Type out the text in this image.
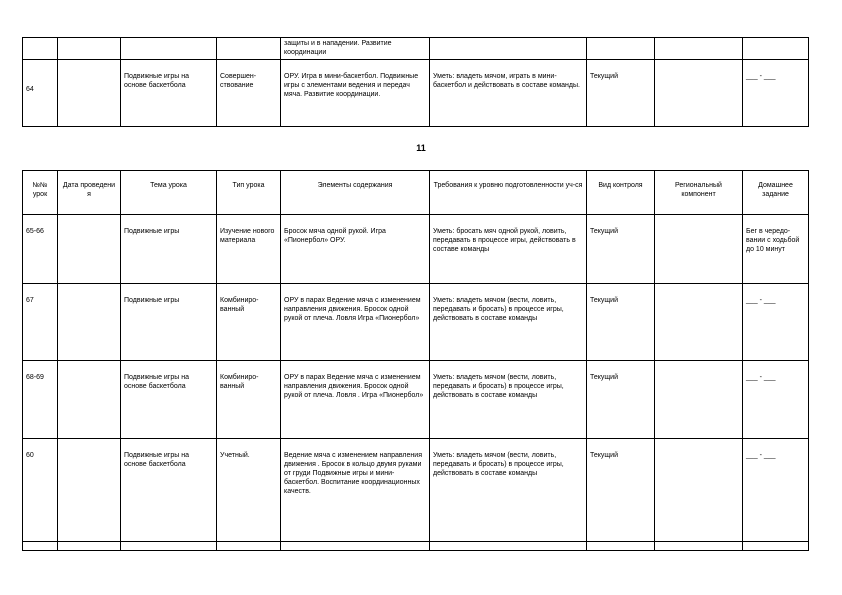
				защиты и в нападении. Развитие координации				
64		Подвижные игры на основе баскетбола	Совершен-ствование	ОРУ. Игра в мини-баскетбол. Подвижные игры с элементами ведения и передач мяча. Развитие координации.	Уметь: владеть мячом, играть в мини-баскетбол и действовать в составе команды.	Текущий		___ - ___
11
№№ урок	Дата проведени я	Тема урока	Тип урока	Элементы содержания	Требования к уровню подготовленности уч-ся	Вид контроля	Региональный компонент	Домашнее задание
65-66		Подвижные игры	Изучение нового материала	Бросок мяча одной рукой. Игра «Пионербол» ОРУ.	Уметь: бросать мяч одной рукой, ловить, передавать в процессе игры, действовать в составе команды	Текущий		Бег в чередо-вании с ходьбой до 10 минут
67		Подвижные игры	Комбиниро-ванный	ОРУ в парах Ведение мяча с изменением направления движения. Бросок одной рукой от плеча. Ловля Игра «Пионербол»	Уметь: владеть мячом (вести, ловить, передавать и бросать) в процессе игры, действовать в составе команды	Текущий		___ - ___
68-69		Подвижные игры на основе баскетбола	Комбиниро-ванный	ОРУ в парах Ведение мяча с изменением направления движения. Бросок одной рукой от плеча. Ловля . Игра «Пионербол»	Уметь: владеть мячом (вести, ловить, передавать и бросать) в процессе игры, действовать в составе команды	Текущий		___ - ___
60		Подвижные игры на основе баскетбола	Учетный.	Ведение мяча с изменением направления движения . Бросок в кольцо двумя руками от груди Подвижные игры и мини-баскетбол. Воспитание координационных качеств.	Уметь: владеть мячом (вести, ловить, передавать и бросать) в процессе игры, действовать в составе команды	Текущий		___ - ___
